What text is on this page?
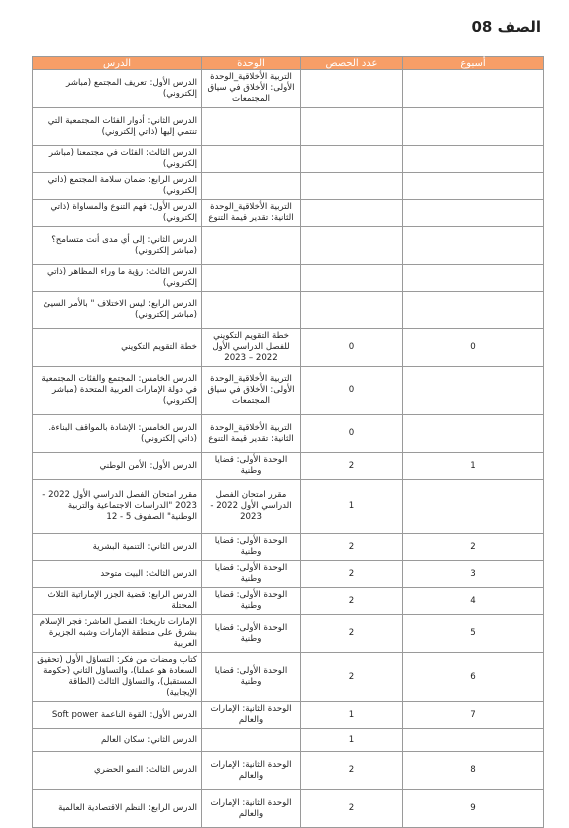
الصف 08
أسبوع	عدد الحصص	الوحدة	الدرس
		التربية الأخلاقية_الوحدة الأولى: الأخلاق في سياق المجتمعات	الدرس الأول: تعريف المجتمع (مباشر إلكتروني)
			الدرس الثاني: أدوار الفئات المجتمعية التي تنتمي إليها (ذاتي إلكتروني)
			الدرس الثالث: الفئات في مجتمعنا (مباشر إلكتروني)
			الدرس الرابع: ضمان سلامة المجتمع (ذاتي إلكتروني)
		التربية الأخلاقية_الوحدة الثانية: تقدير قيمة التنوع	الدرس الأول: فهم التنوع والمساواة (ذاتي إلكتروني)
			الدرس الثاني: إلى أي مدى أنت متسامح؟ (مباشر إلكتروني)
			الدرس الثالث: رؤية ما وراء المظاهر (ذاتي إلكتروني)
			الدرس الرابع: ليس الاختلاف " بالأمر السيئ (مباشر إلكتروني)
0	0	خطة التقويم التكويني للفصل الدراسي الأول 2022 – 2023	خطة التقويم التكويني
	0	التربية الأخلاقية_الوحدة الأولى: الأخلاق في سياق المجتمعات	الدرس الخامس: المجتمع والفئات المجتمعية في دولة الإمارات العربية المتحدة (مباشر إلكتروني)
	0	التربية الأخلاقية_الوحدة الثانية: تقدير قيمة التنوع	الدرس الخامس: الإشادة بالمواقف البناءة. (ذاتي إلكتروني)
1	2	الوحدة الأولى: قضايا وطنية	الدرس الأول: الأمن الوطني
	1	مقرر امتحان الفصل الدراسي الأول 2022 - 2023	مقرر امتحان الفصل الدراسي الأول 2022 - 2023 "الدراسات الاجتماعية والتربية الوطنية" الصفوف 5 - 12
2	2	الوحدة الأولى: قضايا وطنية	الدرس الثاني: التنمية البشرية
3	2	الوحدة الأولى: قضايا وطنية	الدرس الثالث: البيت متوحد
4	2	الوحدة الأولى: قضايا وطنية	الدرس الرابع: قضية الجزر الإماراتية الثلاث المحتلة
5	2	الوحدة الأولى: قضايا وطنية	الإمارات تاريخنا: الفصل العاشر: فجر الإسلام بشرق على منطقة الإمارات وشبه الجزيرة العربية
6	2	الوحدة الأولى: قضايا وطنية	كتاب ومضات من فكر: التساؤل الأول (تحقيق السعادة هو عملنا)، والتساؤل الثاني (حكومة المستقبل)، والتساؤل الثالث (الطاقة الإيجابية)
7	1	الوحدة الثانية: الإمارات والعالم	الدرس الأول: القوة الناعمة Soft power
	1		الدرس الثاني: سكان العالم
8	2	الوحدة الثانية: الإمارات والعالم	الدرس الثالث: النمو الحضري
9	2	الوحدة الثانية: الإمارات والعالم	الدرس الرابع: النظم الاقتصادية العالمية
